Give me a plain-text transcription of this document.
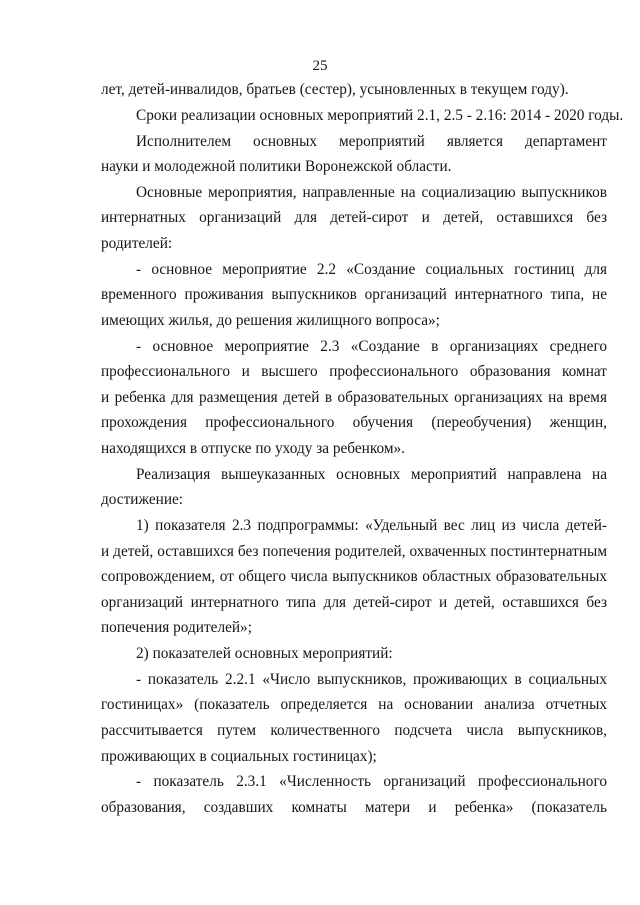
25
лет, детей-инвалидов, братьев (сестер), усыновленных в текущем году).
Сроки реализации основных мероприятий 2.1, 2.5 - 2.16: 2014 - 2020 годы.
Исполнителем основных мероприятий является департамент
науки и молодежной политики Воронежской области.
Основные мероприятия, направленные на социализацию выпускников
интернатных организаций для детей-сирот и детей, оставшихся без
родителей:
- основное мероприятие 2.2 «Создание социальных гостиниц для
временного проживания выпускников организаций интернатного типа, не
имеющих жилья, до решения жилищного вопроса»;
- основное мероприятие 2.3 «Создание в организациях среднего
профессионального и высшего профессионального образования комнат
и ребенка для размещения детей в образовательных организациях на время
прохождения профессионального обучения (переобучения) женщин,
находящихся в отпуске по уходу за ребенком».
Реализация вышеуказанных основных мероприятий направлена на
достижение:
1) показателя 2.3 подпрограммы: «Удельный вес лиц из числа детей-
и детей, оставшихся без попечения родителей, охваченных постинтернатным
сопровождением, от общего числа выпускников областных образовательных
организаций интернатного типа для детей-сирот и детей, оставшихся без
попечения родителей»;
2) показателей основных мероприятий:
- показатель 2.2.1 «Число выпускников, проживающих в социальных
гостиницах» (показатель определяется на основании анализа отчетных
рассчитывается путем количественного подсчета числа выпускников,
проживающих в социальных гостиницах);
- показатель 2.3.1 «Численность организаций профессионального
образования, создавших комнаты матери и ребенка» (показатель
